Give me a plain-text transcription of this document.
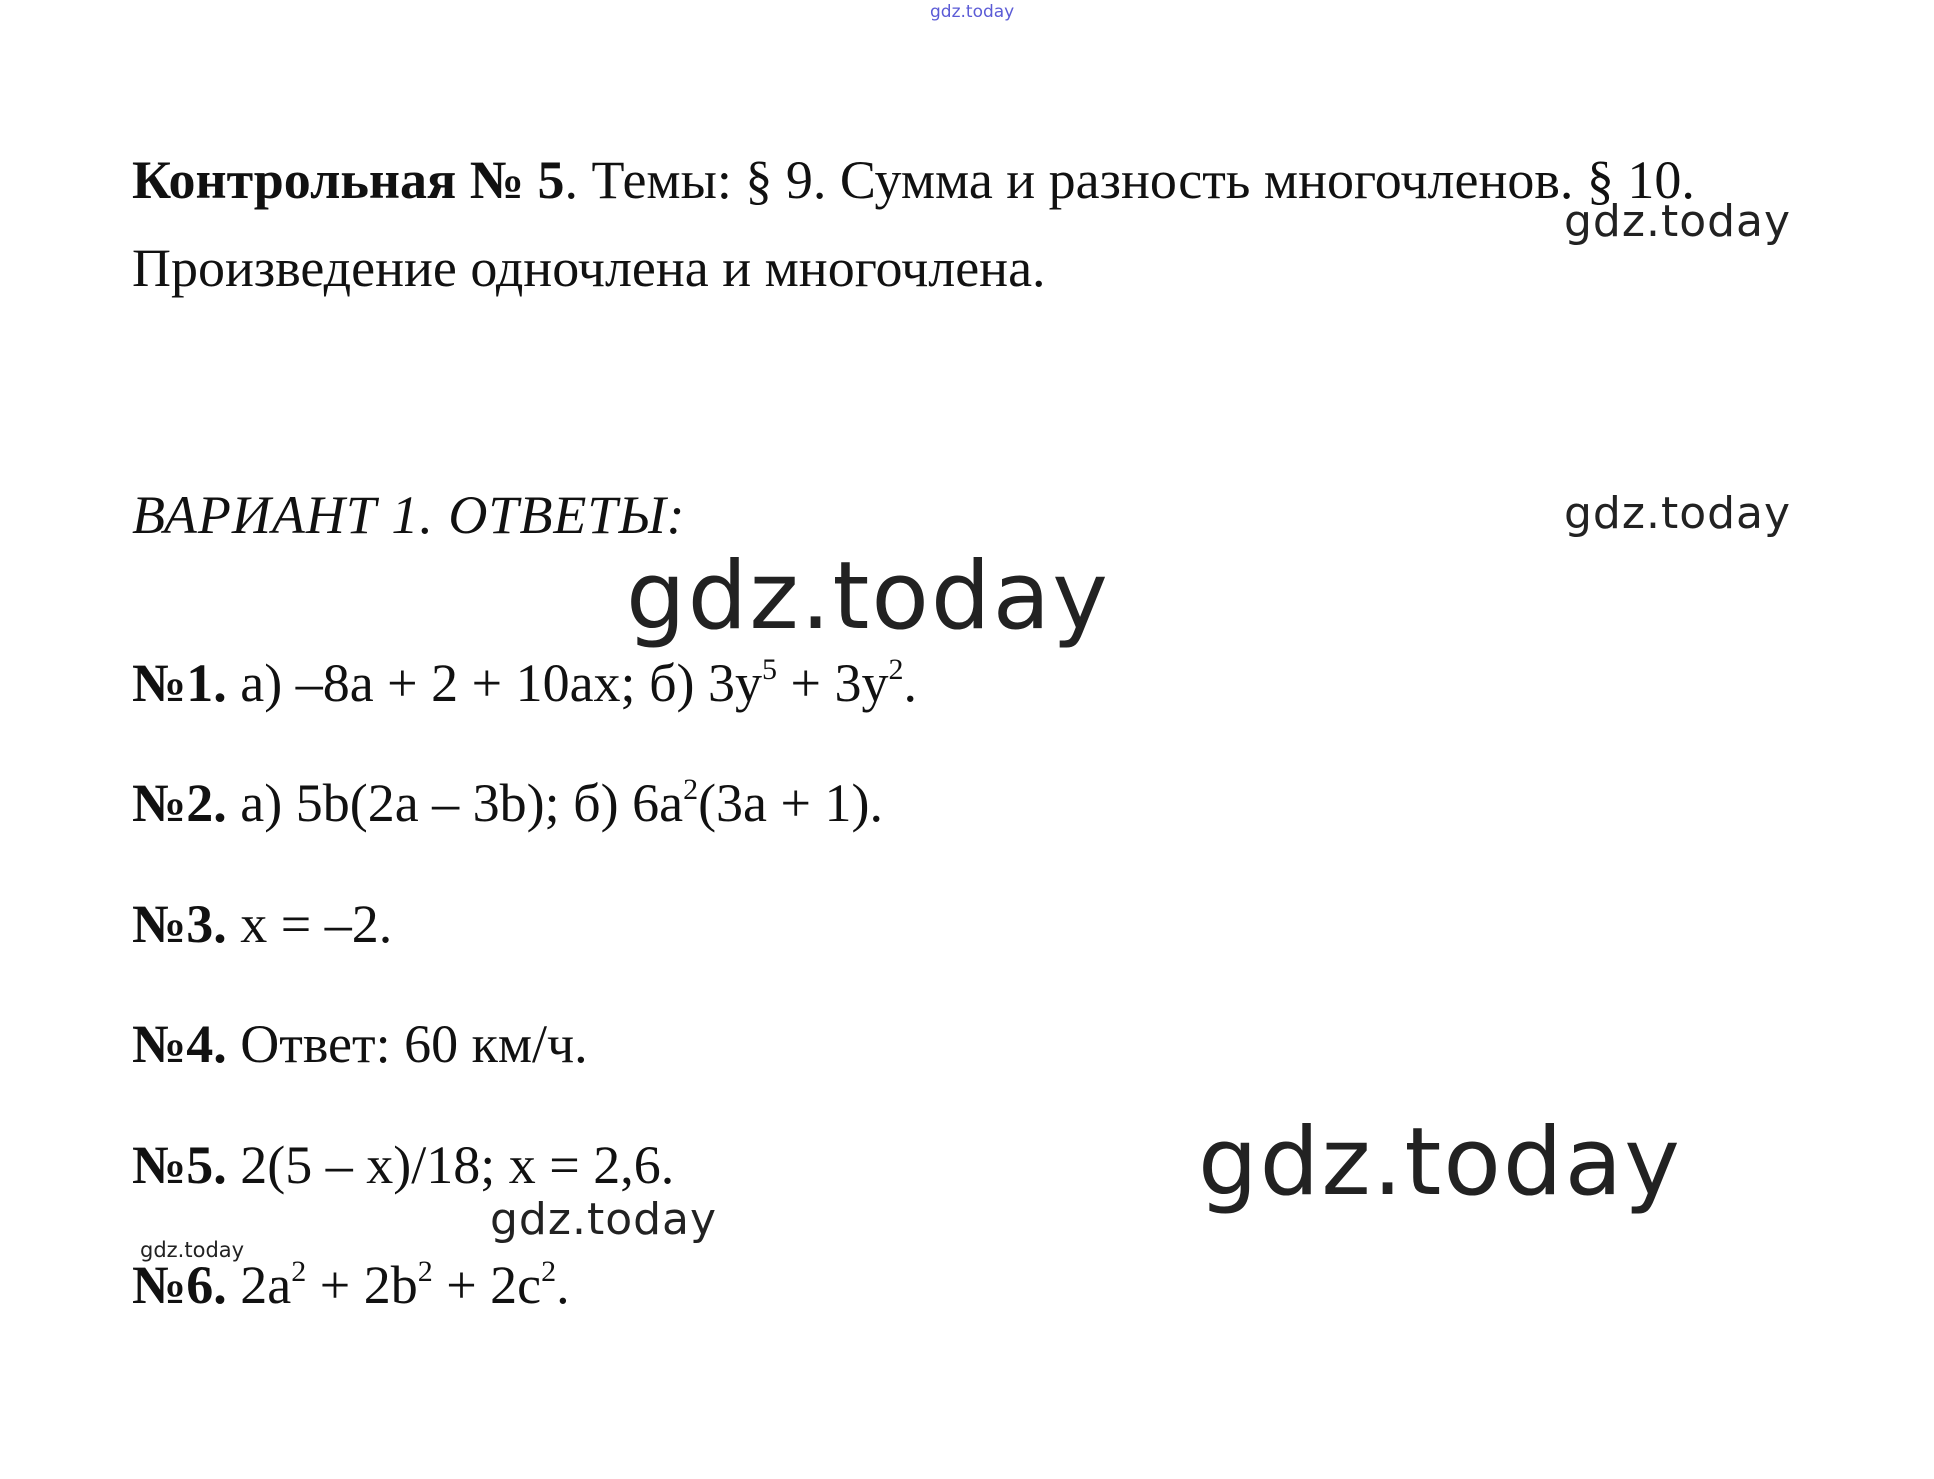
gdz.today
gdz.today
gdz.today
gdz.today
gdz.today
gdz.today
gdz.today
Контрольная № 5. Темы: § 9. Сумма и разность многочленов. § 10.
Произведение одночлена и многочлена.
ВАРИАНТ 1. ОТВЕТЫ:

№1. а) –8а + 2 + 10ах; б) $3у^5 + 3у^2$.

№2. а) 5b(2a – 3b); б) $6a^2(3a + 1)$.

№3. x = –2.

№4. Ответ: 60 км/ч.

№5. 2(5 – x)/18; x = 2,6.

№6. $2a^2 + 2b^2 + 2c^2$.
